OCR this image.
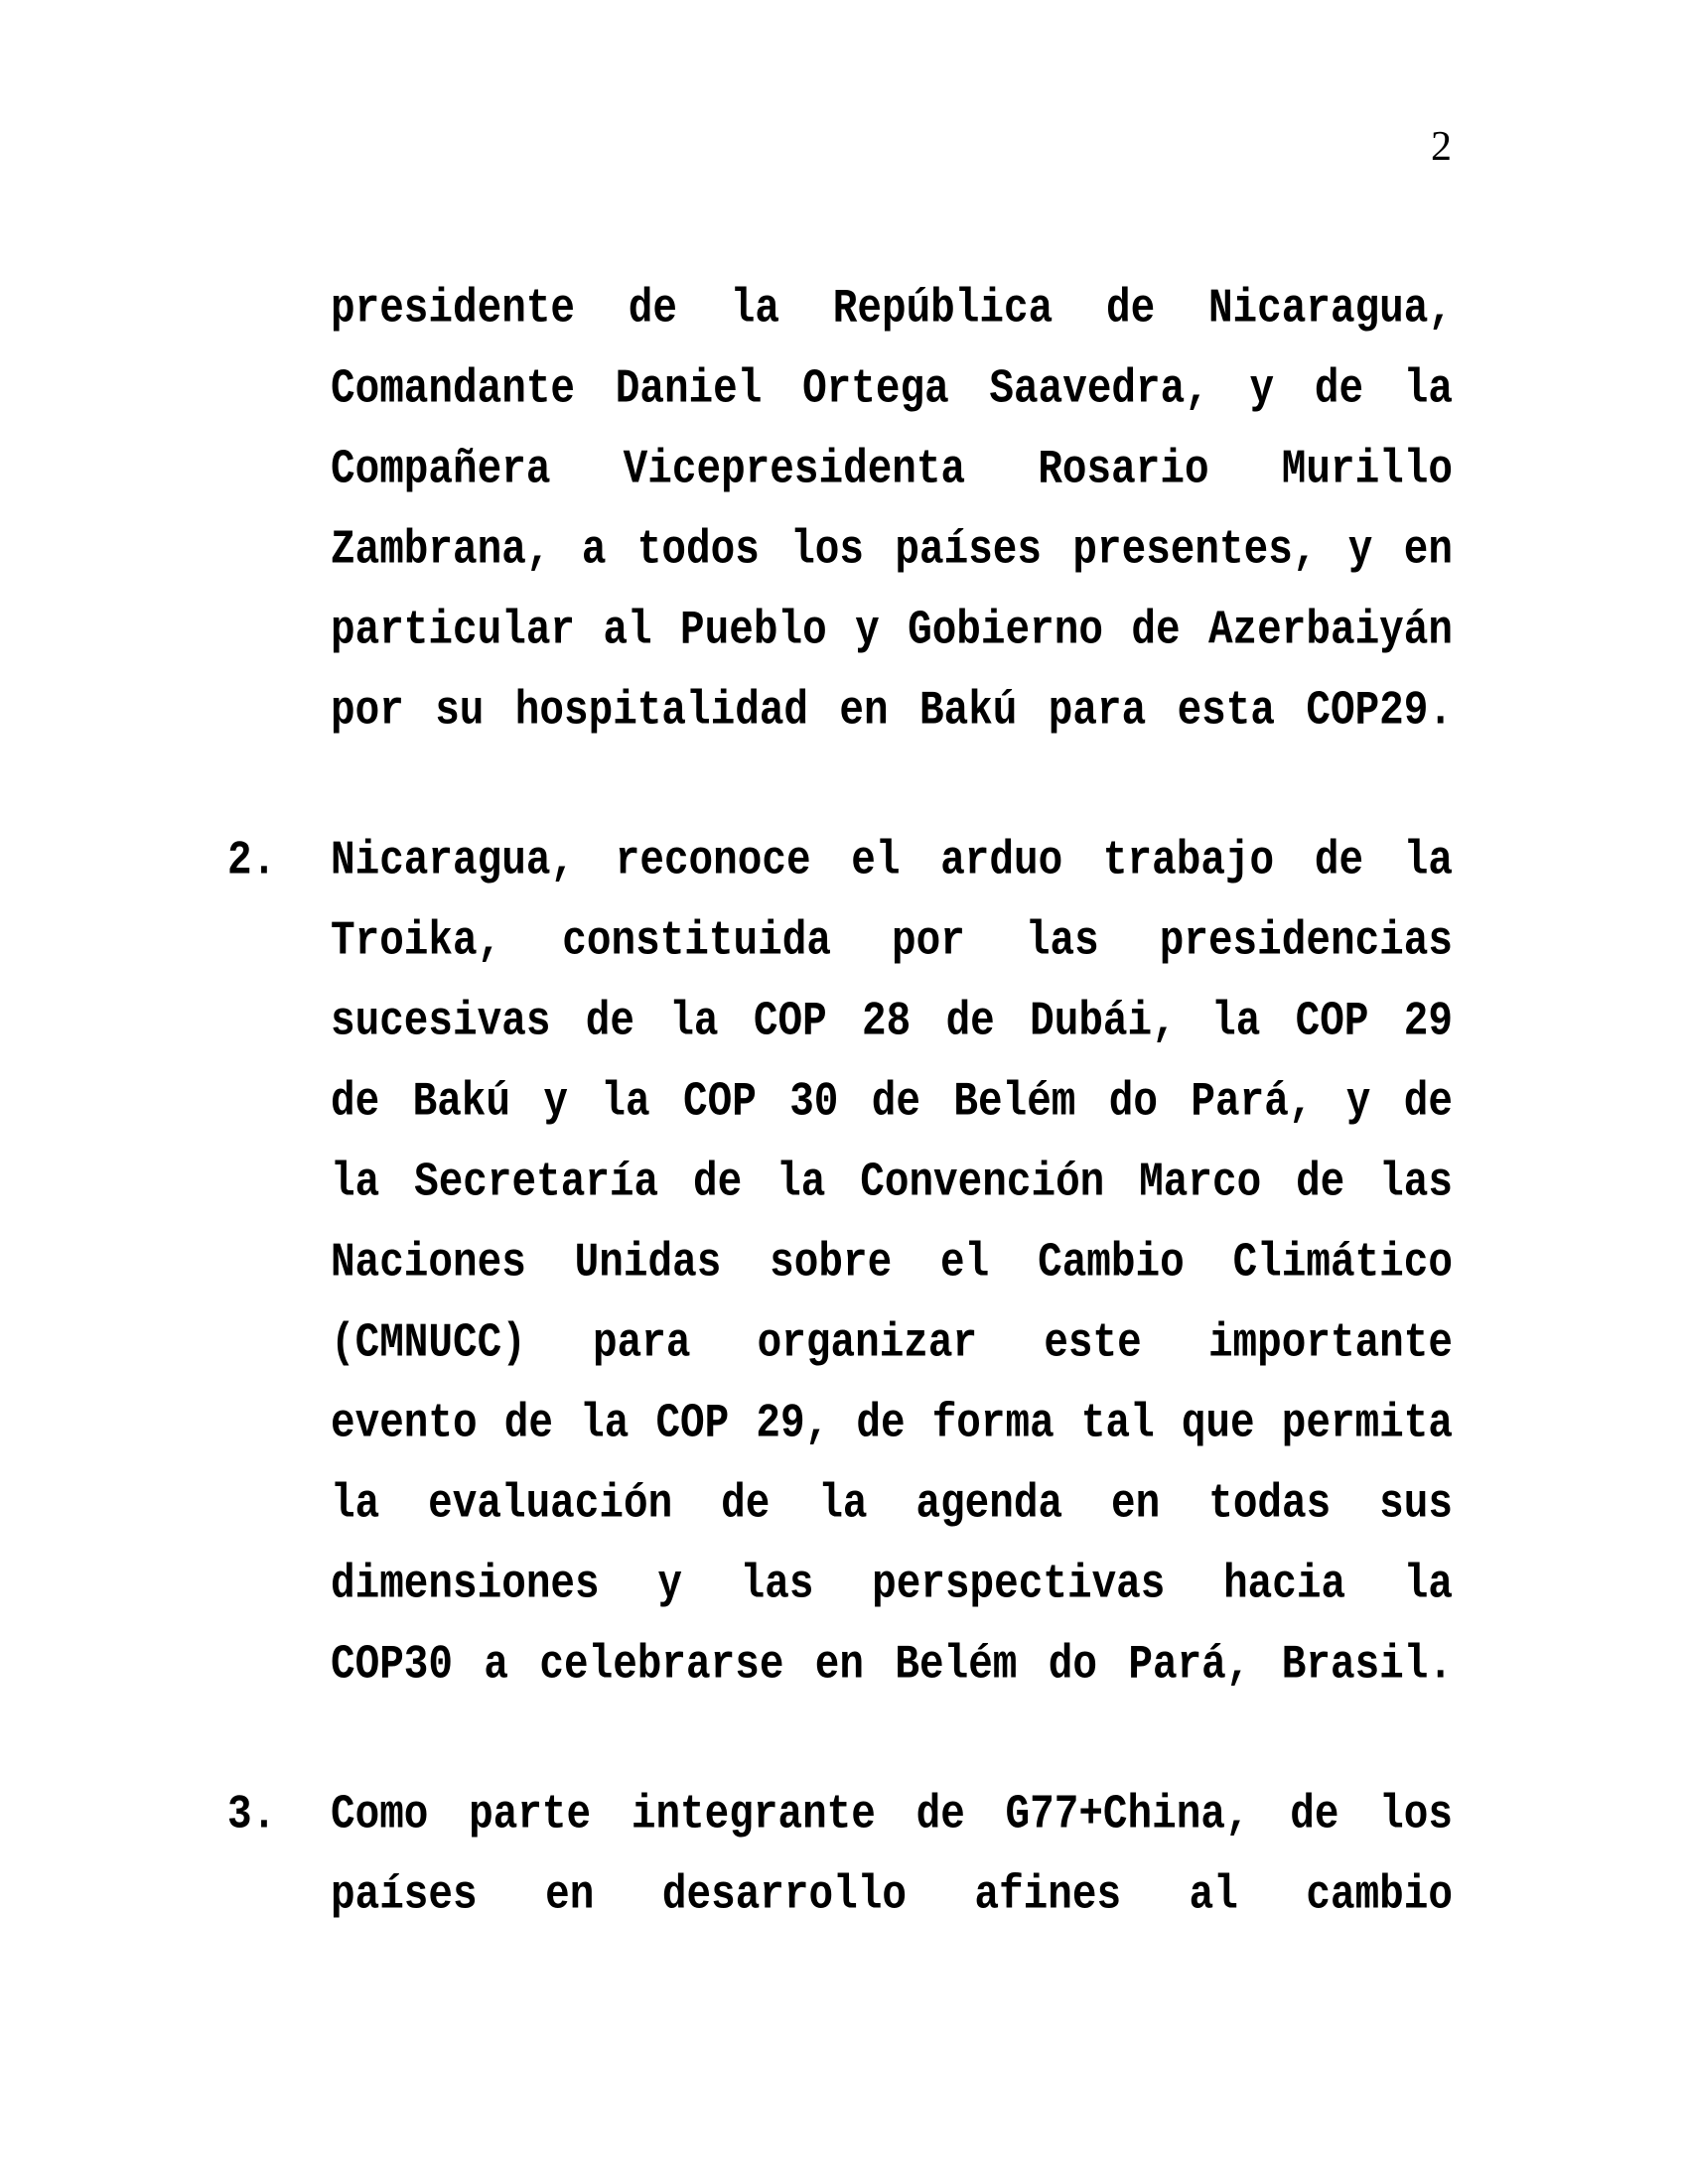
2
presidente de la República de Nicaragua,
Comandante Daniel Ortega Saavedra, y de la
Compañera Vicepresidenta Rosario Murillo
Zambrana, a todos los países presentes, y en
particular al Pueblo y Gobierno de Azerbaiyán
por su hospitalidad en Bakú para esta COP29.
2. Nicaragua, reconoce el arduo trabajo de la
Troika, constituida por las presidencias
sucesivas de la COP 28 de Dubái, la COP 29
de Bakú y la COP 30 de Belém do Pará, y de
la Secretaría de la Convención Marco de las
Naciones Unidas sobre el Cambio Climático
(CMNUCC) para organizar este importante
evento de la COP 29, de forma tal que permita
la evaluación de la agenda en todas sus
dimensiones y las perspectivas hacia la
COP30 a celebrarse en Belém do Pará, Brasil.
3. Como parte integrante de G77+China, de los
países en desarrollo afines al cambio
